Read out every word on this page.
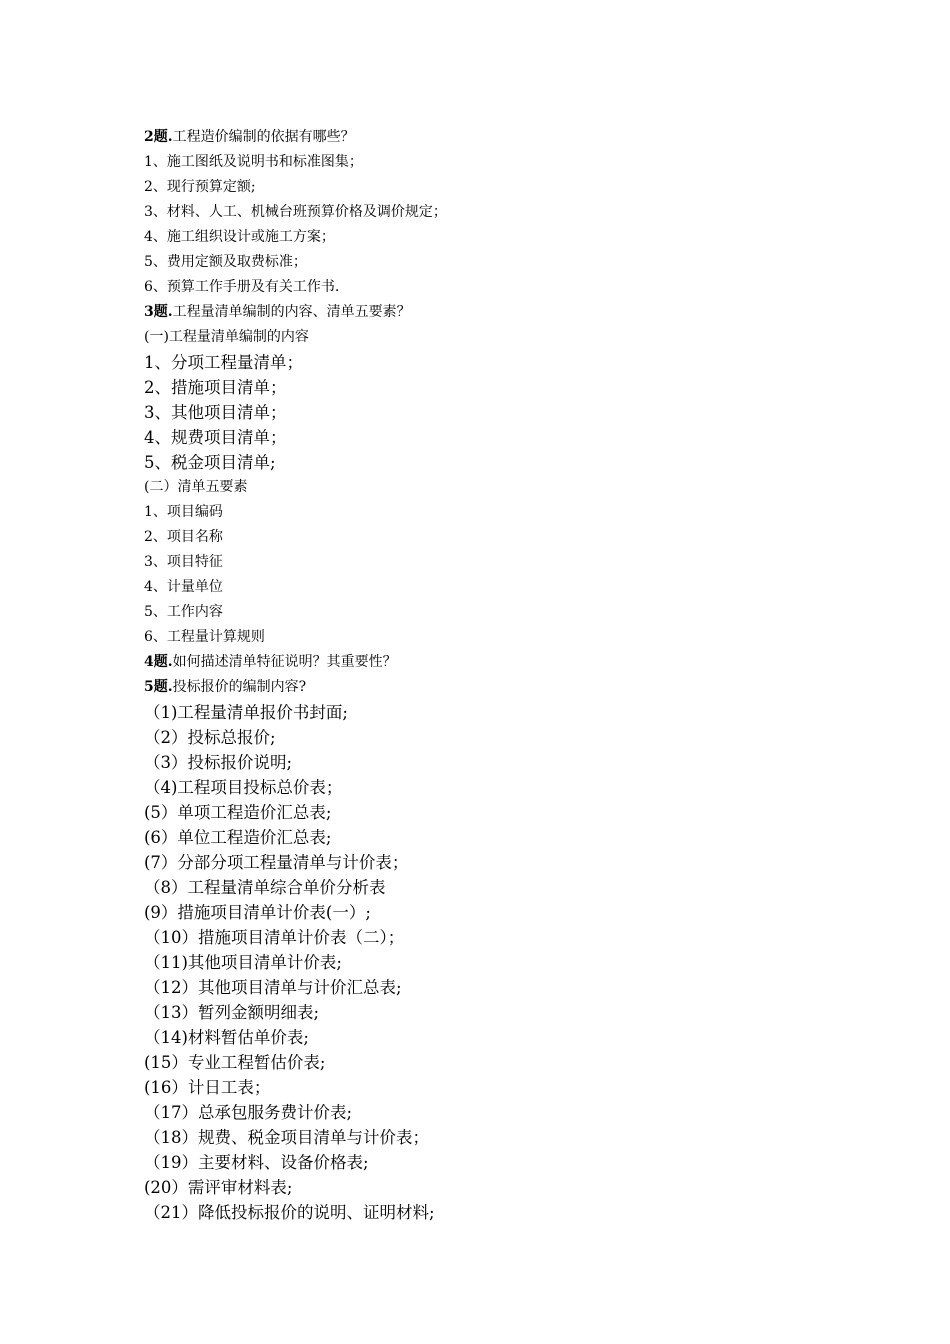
2题.工程造价编制的依据有哪些？
1、施工图纸及说明书和标准图集；
2、现行预算定额;
3、材料、人工、机械台班预算价格及调价规定；
4、施工组织设计或施工方案；
5、费用定额及取费标准；
6、预算工作手册及有关工作书.
3题.工程量清单编制的内容、清单五要素？
(一)工程量清单编制的内容
1、分项工程量清单；
2、措施项目清单；
3、其他项目清单；
4、规费项目清单；
5、税金项目清单;
(二）清单五要素
1、项目编码
2、项目名称
3、项目特征
4、计量单位
5、工作内容
6、工程量计算规则
4题.如何描述清单特征说明？其重要性？
5题.投标报价的编制内容?
（1)工程量清单报价书封面;
（2）投标总报价;
（3）投标报价说明;
（4)工程项目投标总价表；
(5）单项工程造价汇总表;
(6）单位工程造价汇总表;
(7）分部分项工程量清单与计价表；
（8）工程量清单综合单价分析表
(9）措施项目清单计价表(一）;
（10）措施项目清单计价表（二）；
（11)其他项目清单计价表;
（12）其他项目清单与计价汇总表;
（13）暂列金额明细表;
（14)材料暂估单价表;
(15）专业工程暂估价表;
(16）计日工表；
（17）总承包服务费计价表;
（18）规费、税金项目清单与计价表；
（19）主要材料、设备价格表;
(20）需评审材料表;
（21）降低投标报价的说明、证明材料;
